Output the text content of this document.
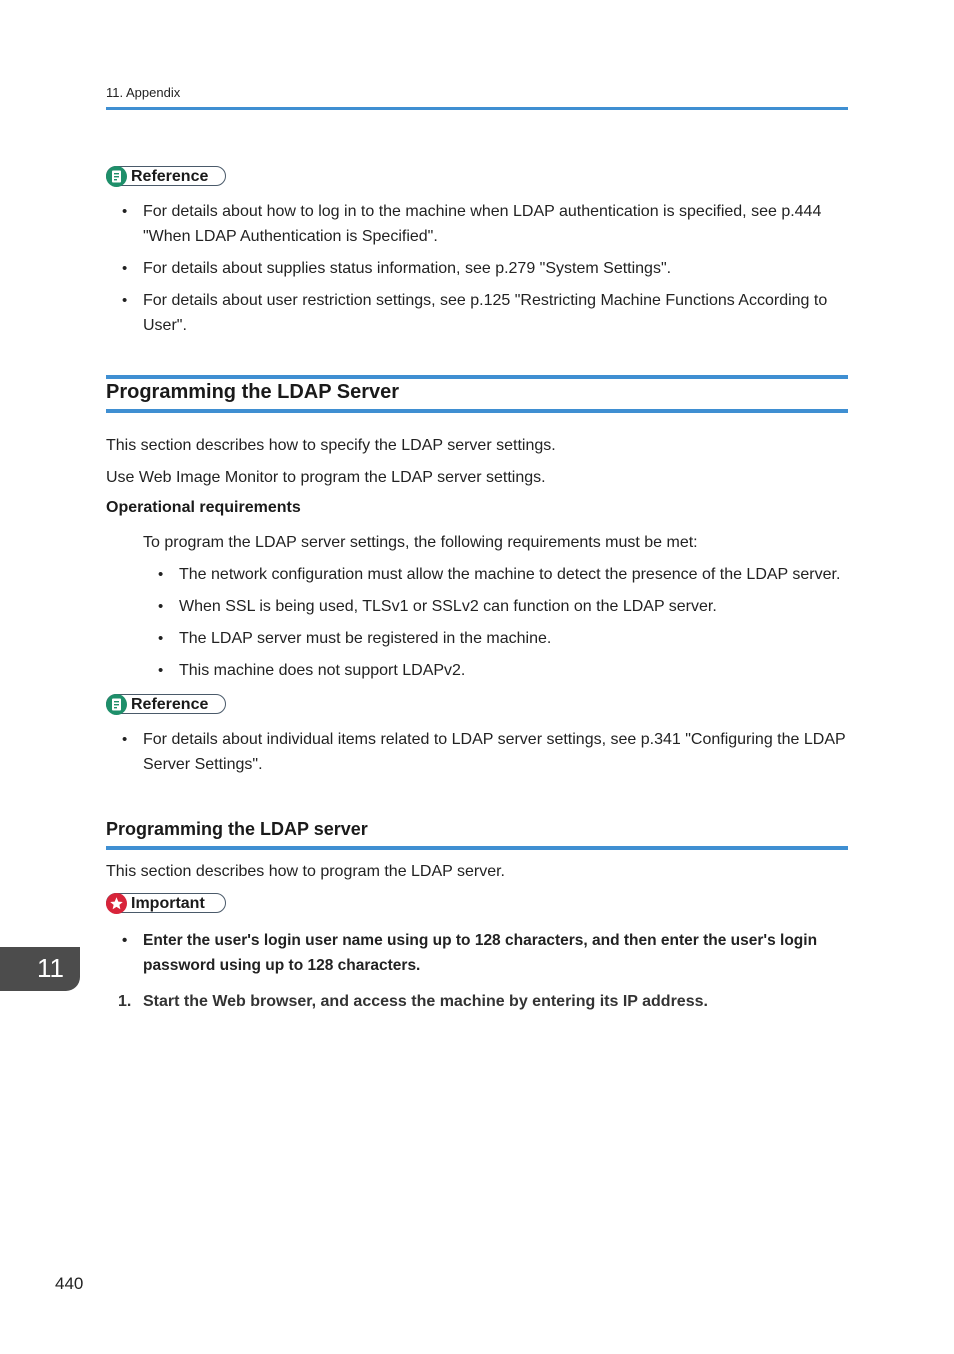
11. Appendix
Reference
• For details about how to log in to the machine when LDAP authentication is specified, see p.444 "When LDAP Authentication is Specified".
• For details about supplies status information, see p.279 "System Settings".
• For details about user restriction settings, see p.125 "Restricting Machine Functions According to User".
Programming the LDAP Server
This section describes how to specify the LDAP server settings.
Use Web Image Monitor to program the LDAP server settings.
Operational requirements
To program the LDAP server settings, the following requirements must be met:
• The network configuration must allow the machine to detect the presence of the LDAP server.
• When SSL is being used, TLSv1 or SSLv2 can function on the LDAP server.
• The LDAP server must be registered in the machine.
• This machine does not support LDAPv2.
Reference
• For details about individual items related to LDAP server settings, see p.341 "Configuring the LDAP Server Settings".
Programming the LDAP server
This section describes how to program the LDAP server.
Important
• Enter the user's login user name using up to 128 characters, and then enter the user's login password using up to 128 characters.
1. Start the Web browser, and access the machine by entering its IP address.
11
440
